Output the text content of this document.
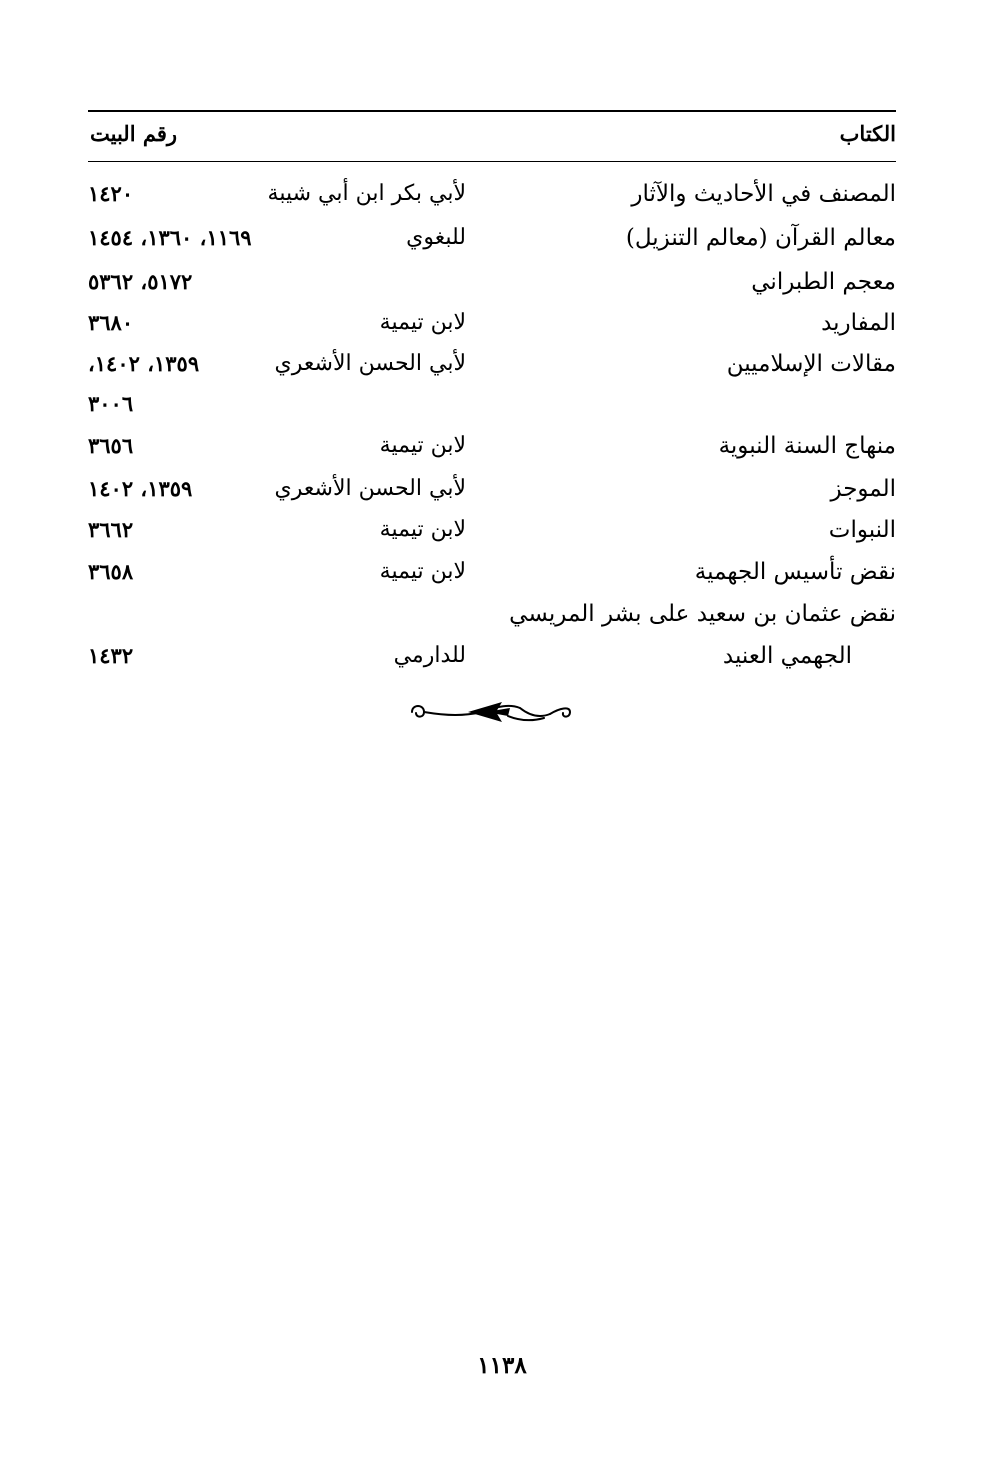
الكتاب
رقم البيت
المصنف في الأحاديث والآثار
لأبي بكر ابن أبي شيبة
١٤٢٠
معالم القرآن (معالم التنزيل)
للبغوي
١١٦٩، ١٣٦٠، ١٤٥٤
معجم الطبراني
٥١٧٢، ٥٣٦٢
المفاريد
لابن تيمية
٣٦٨٠
مقالات الإسلاميين
لأبي الحسن الأشعري
١٣٥٩، ١٤٠٢،
٣٠٠٦
منهاج السنة النبوية
لابن تيمية
٣٦٥٦
الموجز
لأبي الحسن الأشعري
١٣٥٩، ١٤٠٢
النبوات
لابن تيمية
٣٦٦٢
نقض تأسيس الجهمية
لابن تيمية
٣٦٥٨
نقض عثمان بن سعيد على بشر المريسي
الجهمي العنيد
للدارمي
١٤٣٢
١١٣٨
